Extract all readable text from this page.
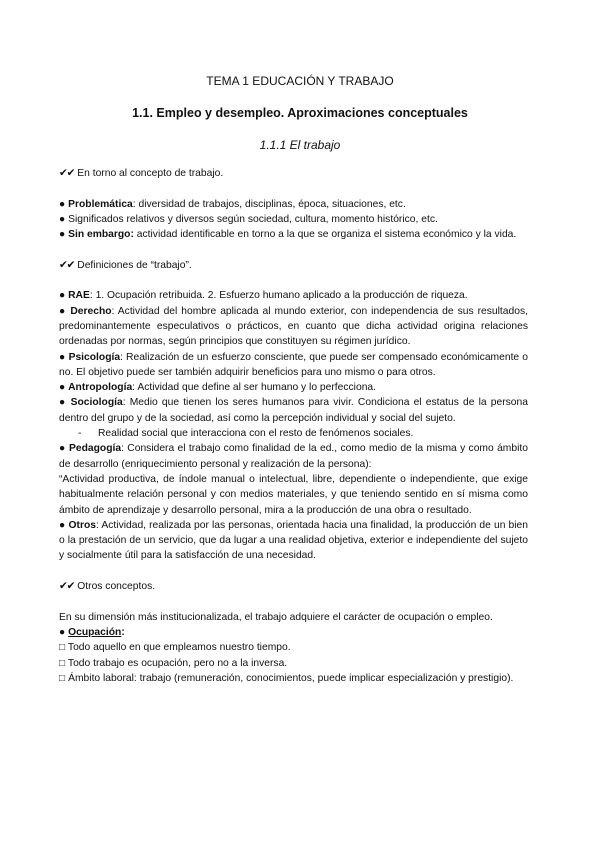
TEMA 1 EDUCACIÓN Y TRABAJO
1.1. Empleo y desempleo. Aproximaciones conceptuales
1.1.1 El trabajo

✔✔ En torno al concepto de trabajo.

● Problemática: diversidad de trabajos, disciplinas, época, situaciones, etc.

● Significados relativos y diversos según sociedad, cultura, momento histórico, etc.

● Sin embargo: actividad identificable en torno a la que se organiza el sistema económico y la vida.

✔✔ Definiciones de “trabajo”.

● RAE: 1. Ocupación retribuida. 2. Esfuerzo humano aplicado a la producción de riqueza.

● Derecho: Actividad del hombre aplicada al mundo exterior, con independencia de sus resultados, predominantemente especulativos o prácticos, en cuanto que dicha actividad origina relaciones ordenadas por normas, según principios que constituyen su régimen jurídico.

● Psicología: Realización de un esfuerzo consciente, que puede ser compensado económicamente o no. El objetivo puede ser también adquirir beneficios para uno mismo o para otros.

● Antropología: Actividad que define al ser humano y lo perfecciona.

● Sociología: Medio que tienen los seres humanos para vivir. Condiciona el estatus de la persona dentro del grupo y de la sociedad, así como la percepción individual y social del sujeto.

- Realidad social que interacciona con el resto de fenómenos sociales.

● Pedagogía: Considera el trabajo como finalidad de la ed., como medio de la misma y como ámbito de desarrollo (enriquecimiento personal y realización de la persona):

“Actividad productiva, de índole manual o intelectual, libre, dependiente o independiente, que exige habitualmente relación personal y con medios materiales, y que teniendo sentido en sí misma como ámbito de aprendizaje y desarrollo personal, mira a la producción de una obra o resultado.

● Otros: Actividad, realizada por las personas, orientada hacia una finalidad, la producción de un bien o la prestación de un servicio, que da lugar a una realidad objetiva, exterior e independiente del sujeto y socialmente útil para la satisfacción de una necesidad.

✔✔ Otros conceptos.

En su dimensión más institucionalizada, el trabajo adquiere el carácter de ocupación o empleo.

● Ocupación:

□ Todo aquello en que empleamos nuestro tiempo.

□ Todo trabajo es ocupación, pero no a la inversa.

□ Ámbito laboral: trabajo (remuneración, conocimientos, puede implicar especialización y prestigio).
